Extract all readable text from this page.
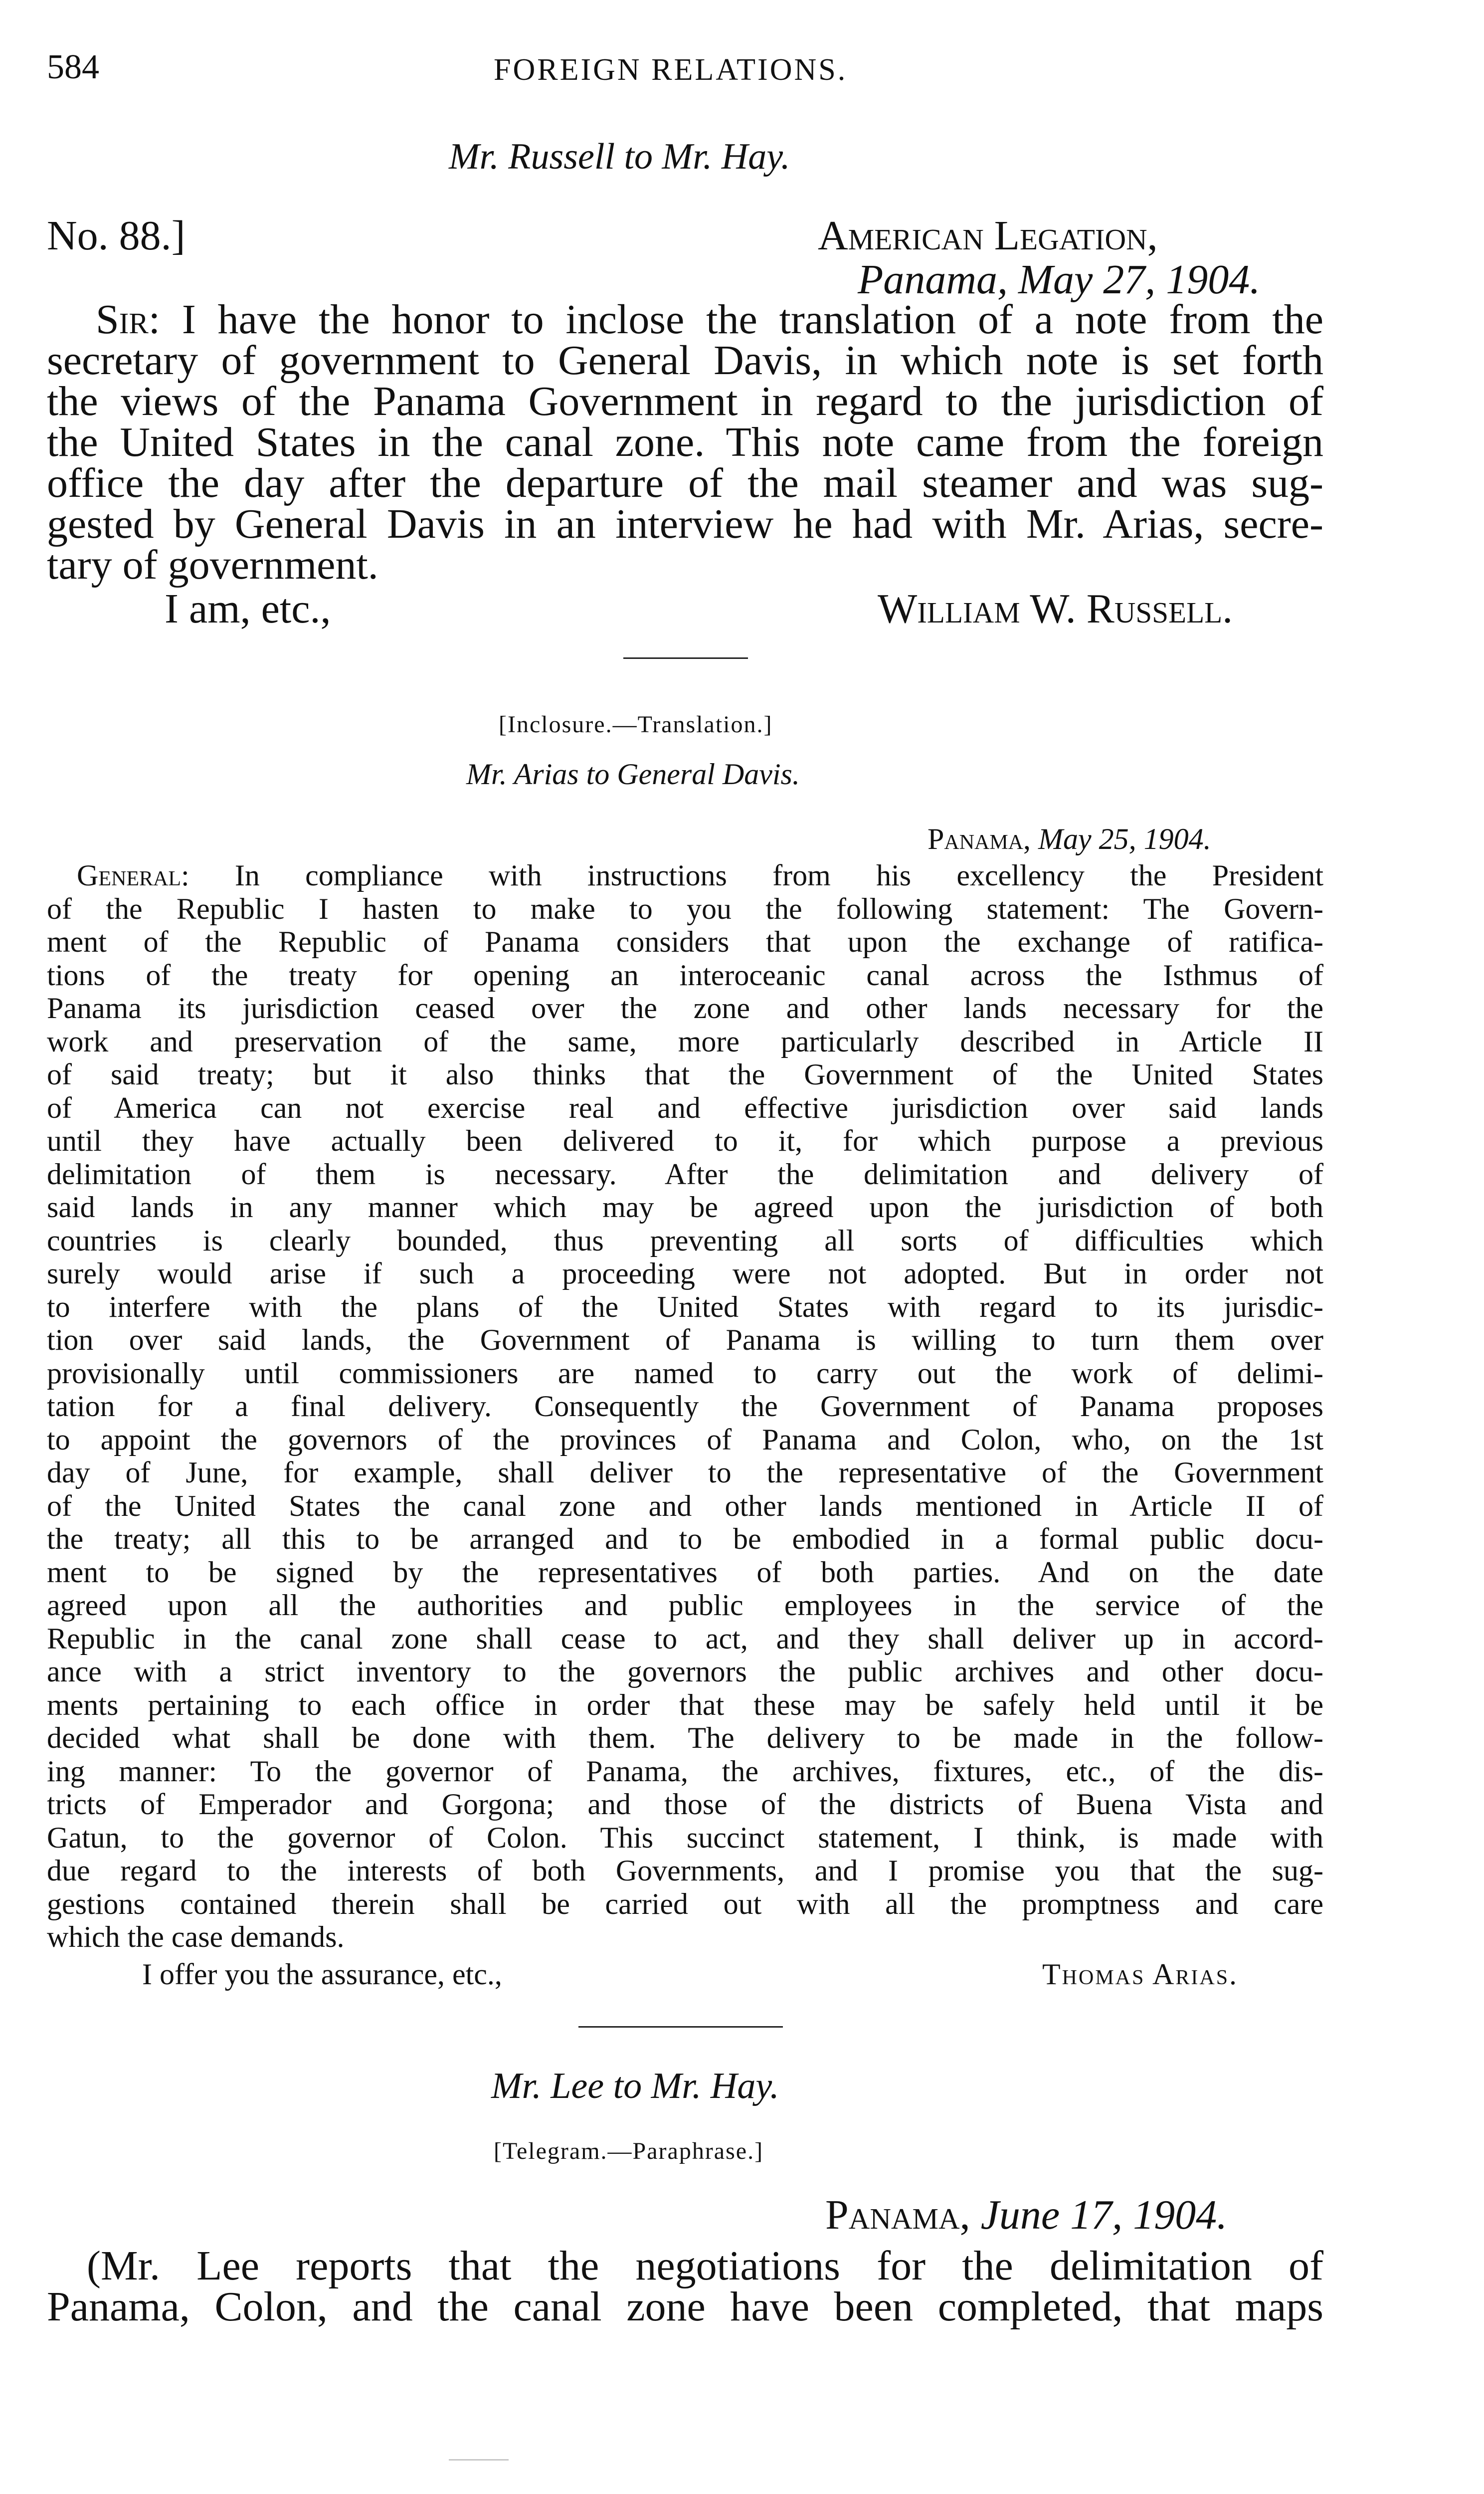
584	FOREIGN RELATIONS.
Mr. Russell to Mr. Hay.
No. 88.]	American Legation,
Panama, May 27, 1904.
Sir: I have the honor to inclose the translation of a note from the
secretary of government to General Davis, in which note is set forth
the views of the Panama Government in regard to the jurisdiction of
the United States in the canal zone. This note came from the foreign
office the day after the departure of the mail steamer and was sug-
gested by General Davis in an interview he had with Mr. Arias, secre-
tary of government.
I am, etc.,	William W. Russell.
[Inclosure.—Translation.]
Mr. Arias to General Davis.
Panama, May 25, 1904.
General: In compliance with instructions from his excellency the President
of the Republic I hasten to make to you the following statement: The Govern-
ment of the Republic of Panama considers that upon the exchange of ratifica-
tions of the treaty for opening an interoceanic canal across the Isthmus of
Panama its jurisdiction ceased over the zone and other lands necessary for the
work and preservation of the same, more particularly described in Article II
of said treaty; but it also thinks that the Government of the United States
of America can not exercise real and effective jurisdiction over said lands
until they have actually been delivered to it, for which purpose a previous
delimitation of them is necessary. After the delimitation and delivery of
said lands in any manner which may be agreed upon the jurisdiction of both
countries is clearly bounded, thus preventing all sorts of difficulties which
surely would arise if such a proceeding were not adopted. But in order not
to interfere with the plans of the United States with regard to its jurisdic-
tion over said lands, the Government of Panama is willing to turn them over
provisionally until commissioners are named to carry out the work of delimi-
tation for a final delivery. Consequently the Government of Panama proposes
to appoint the governors of the provinces of Panama and Colon, who, on the 1st
day of June, for example, shall deliver to the representative of the Government
of the United States the canal zone and other lands mentioned in Article II of
the treaty; all this to be arranged and to be embodied in a formal public docu-
ment to be signed by the representatives of both parties. And on the date
agreed upon all the authorities and public employees in the service of the
Republic in the canal zone shall cease to act, and they shall deliver up in accord-
ance with a strict inventory to the governors the public archives and other docu-
ments pertaining to each office in order that these may be safely held until it be
decided what shall be done with them. The delivery to be made in the follow-
ing manner: To the governor of Panama, the archives, fixtures, etc., of the dis-
tricts of Emperador and Gorgona; and those of the districts of Buena Vista and
Gatun, to the governor of Colon. This succinct statement, I think, is made with
due regard to the interests of both Governments, and I promise you that the sug-
gestions contained therein shall be carried out with all the promptness and care
which the case demands.
I offer you the assurance, etc.,	Thomas Arias.
Mr. Lee to Mr. Hay.
[Telegram.—Paraphrase.]
Panama, June 17, 1904.
(Mr. Lee reports that the negotiations for the delimitation of
Panama, Colon, and the canal zone have been completed, that maps
